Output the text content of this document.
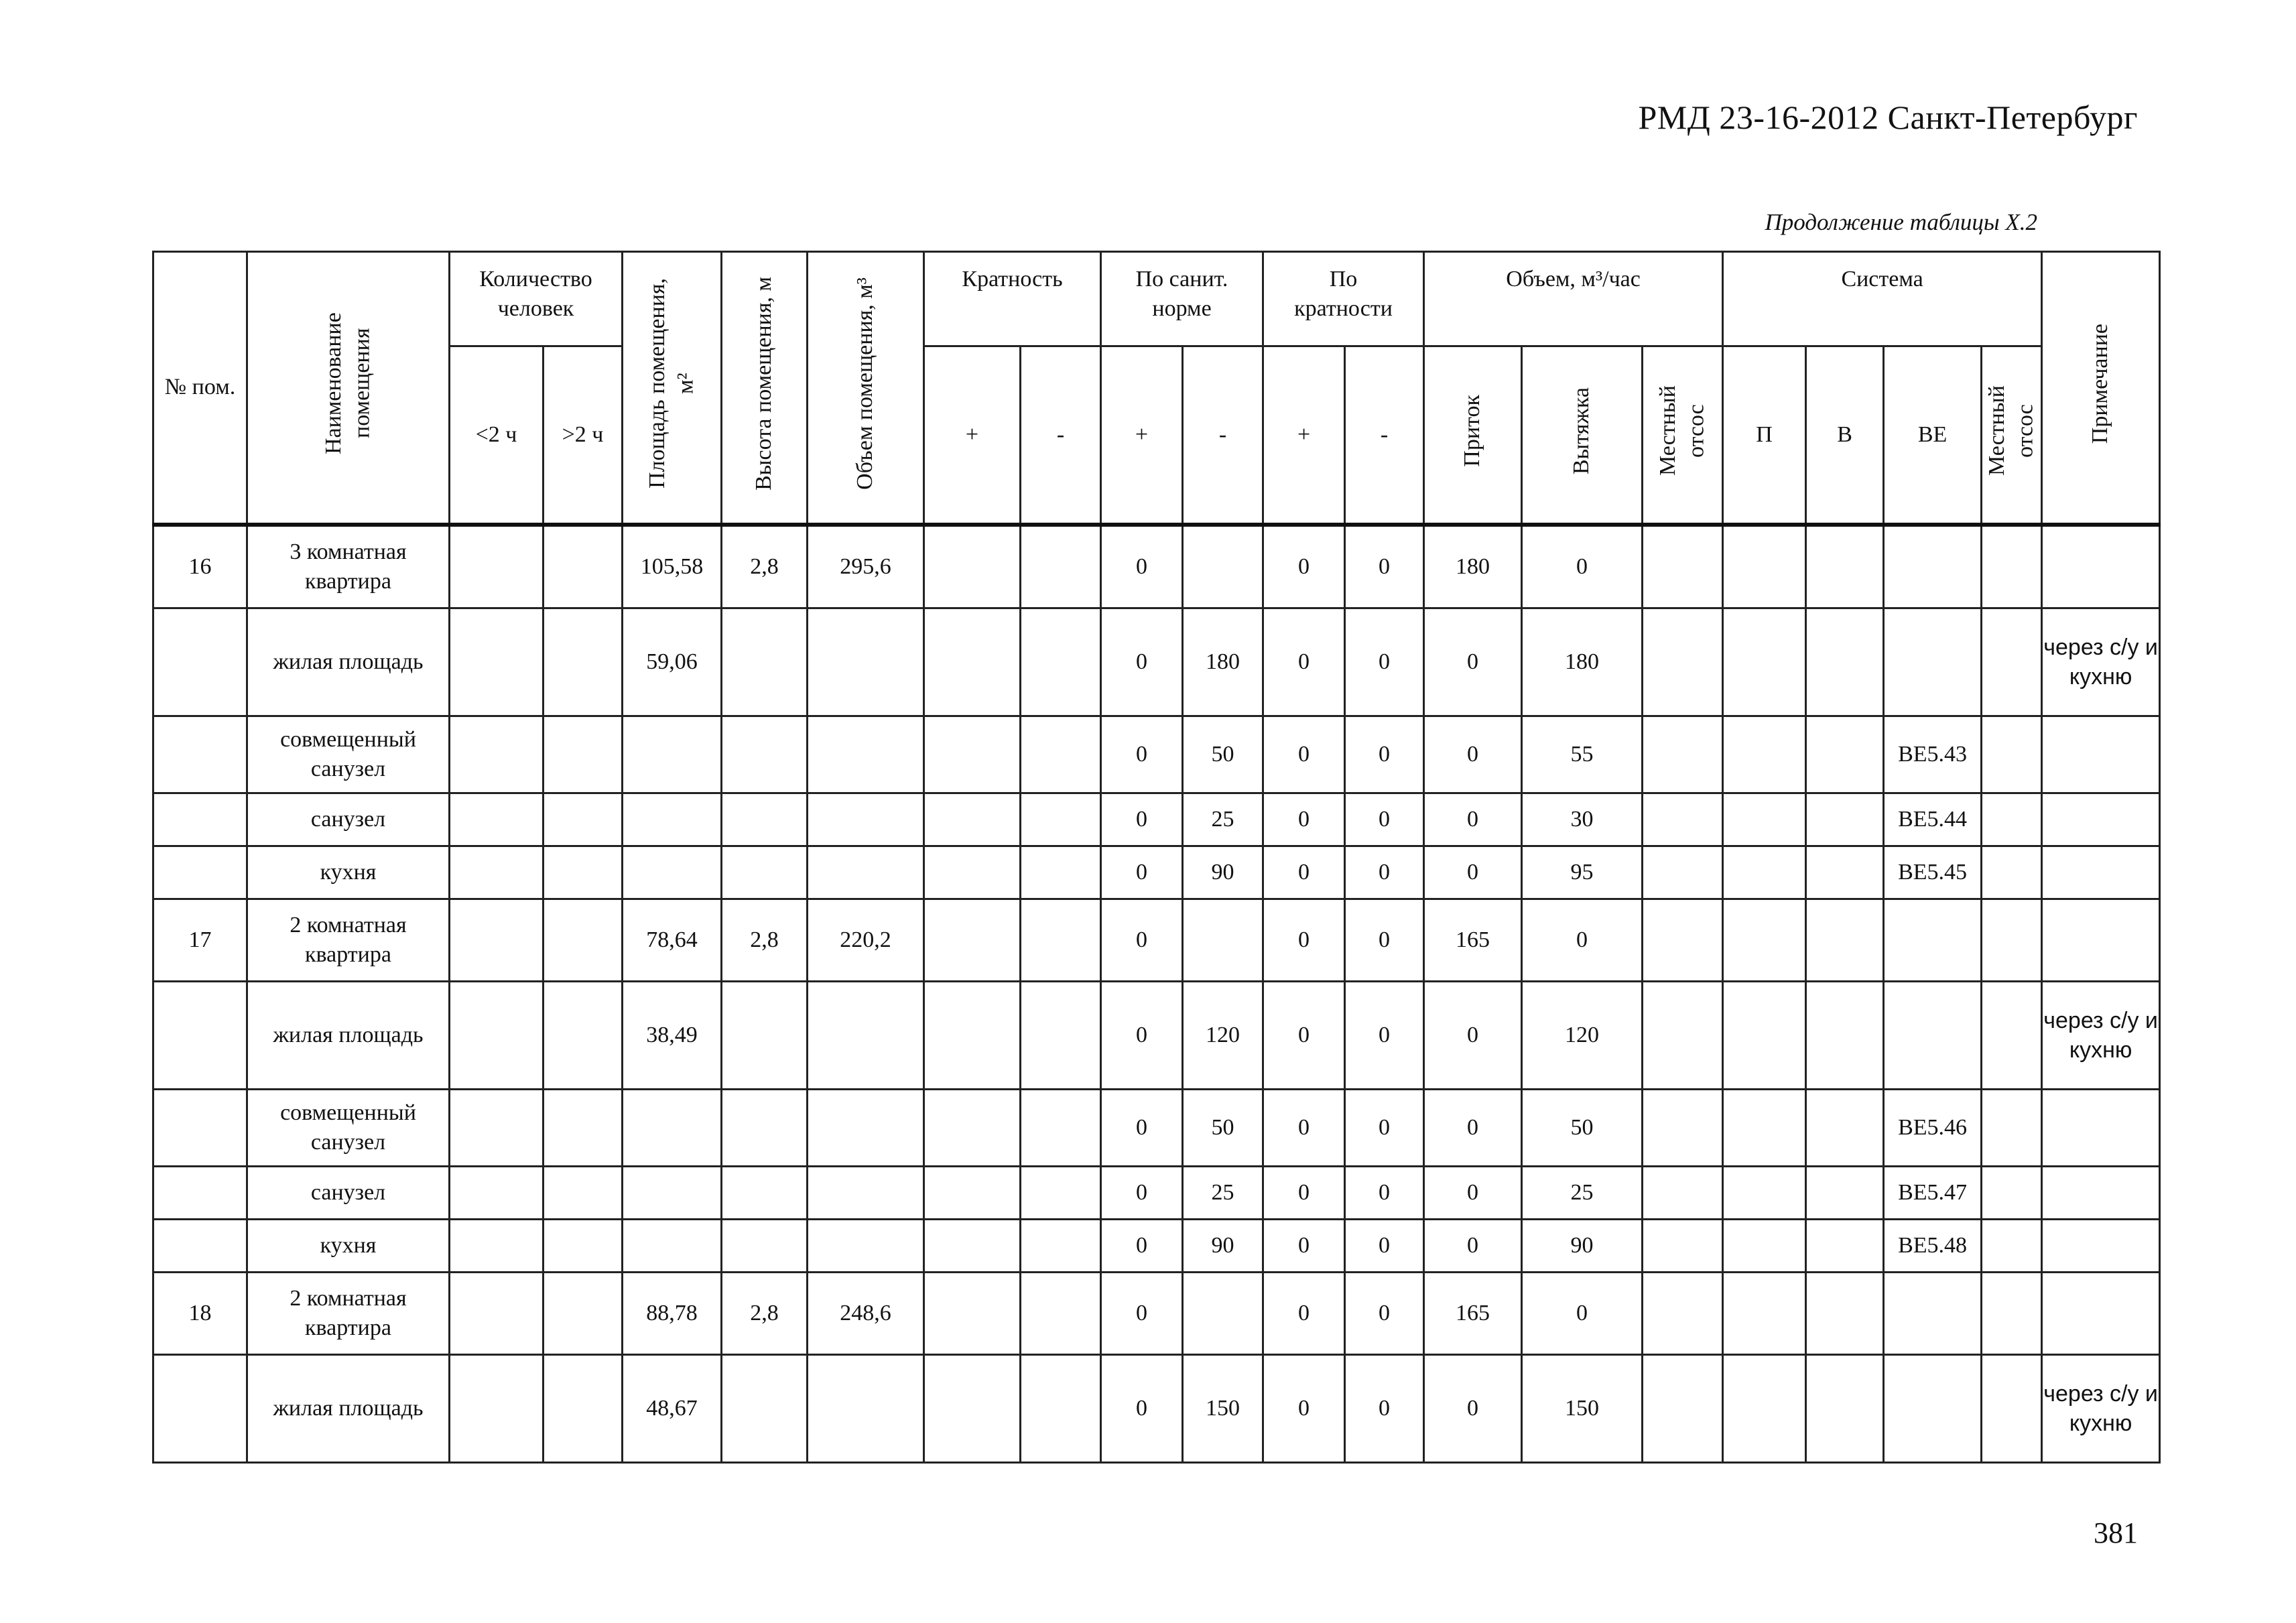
РМД 23-16-2012 Санкт-Петербург
Продолжение таблицы Х.2
№ пом.	Наименование помещения	Количество человек		Площадь помещения, м²	Высота помещения, м	Объем помещения, м³	Кратность		По санит. норме		По кратности		Объем, м³/час			Система				Примечание
		<2 ч	>2 ч				+	-	+	-	+	-	Приток	Вытяжка	Местный отсос	П	В	ВЕ	Местный отсос	
16	3 комнатная квартира			105,58	2,8	295,6			0		0	0	180	0						
	жилая площадь			59,06					0	180	0	0	0	180						через с/у и кухню
	совмещенный санузел								0	50	0	0	0	55				ВЕ5.43		
	санузел								0	25	0	0	0	30				ВЕ5.44		
	кухня								0	90	0	0	0	95				ВЕ5.45		
17	2 комнатная квартира			78,64	2,8	220,2			0		0	0	165	0						
	жилая площадь			38,49					0	120	0	0	0	120						через с/у и кухню
	совмещенный санузел								0	50	0	0	0	50				ВЕ5.46		
	санузел								0	25	0	0	0	25				ВЕ5.47		
	кухня								0	90	0	0	0	90				ВЕ5.48		
18	2 комнатная квартира			88,78	2,8	248,6			0		0	0	165	0						
	жилая площадь			48,67					0	150	0	0	0	150						через с/у и кухню
381
